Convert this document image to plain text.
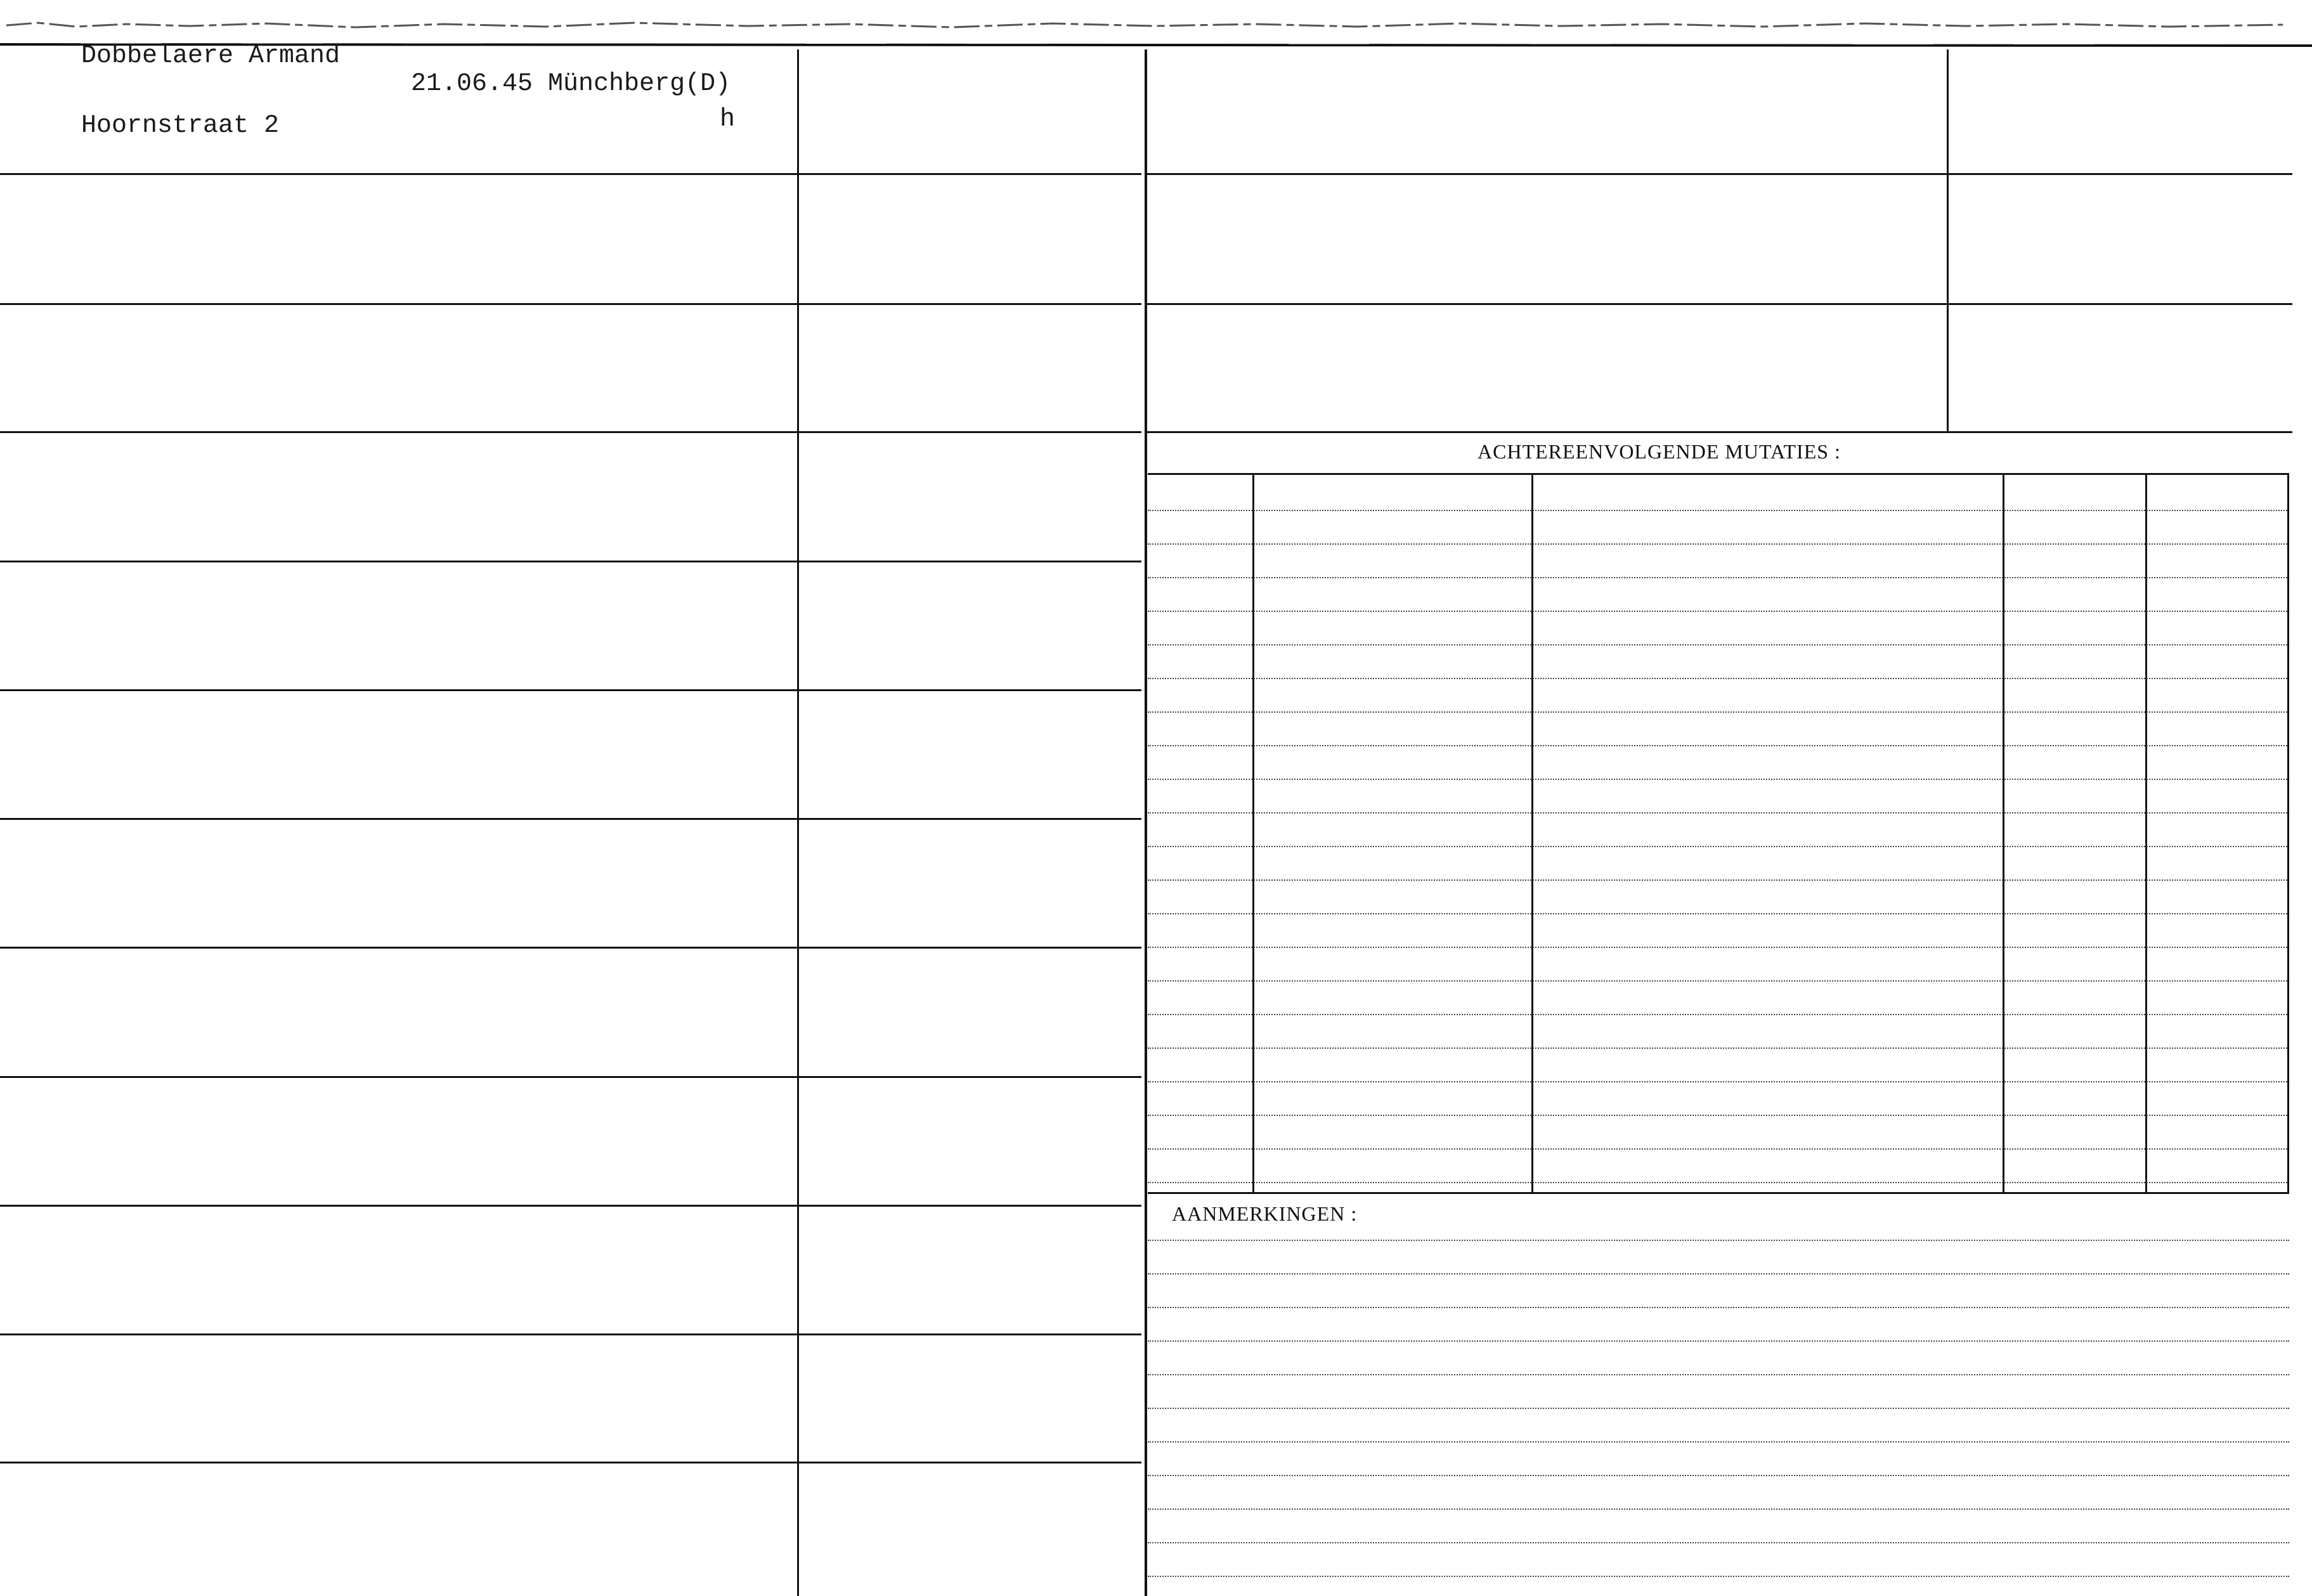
Dobbelaere Armand
Hoornstraat 2
21.06.45 Münchberg(D)
h
ACHTEREENVOLGENDE MUTATIES :
AANMERKINGEN :
